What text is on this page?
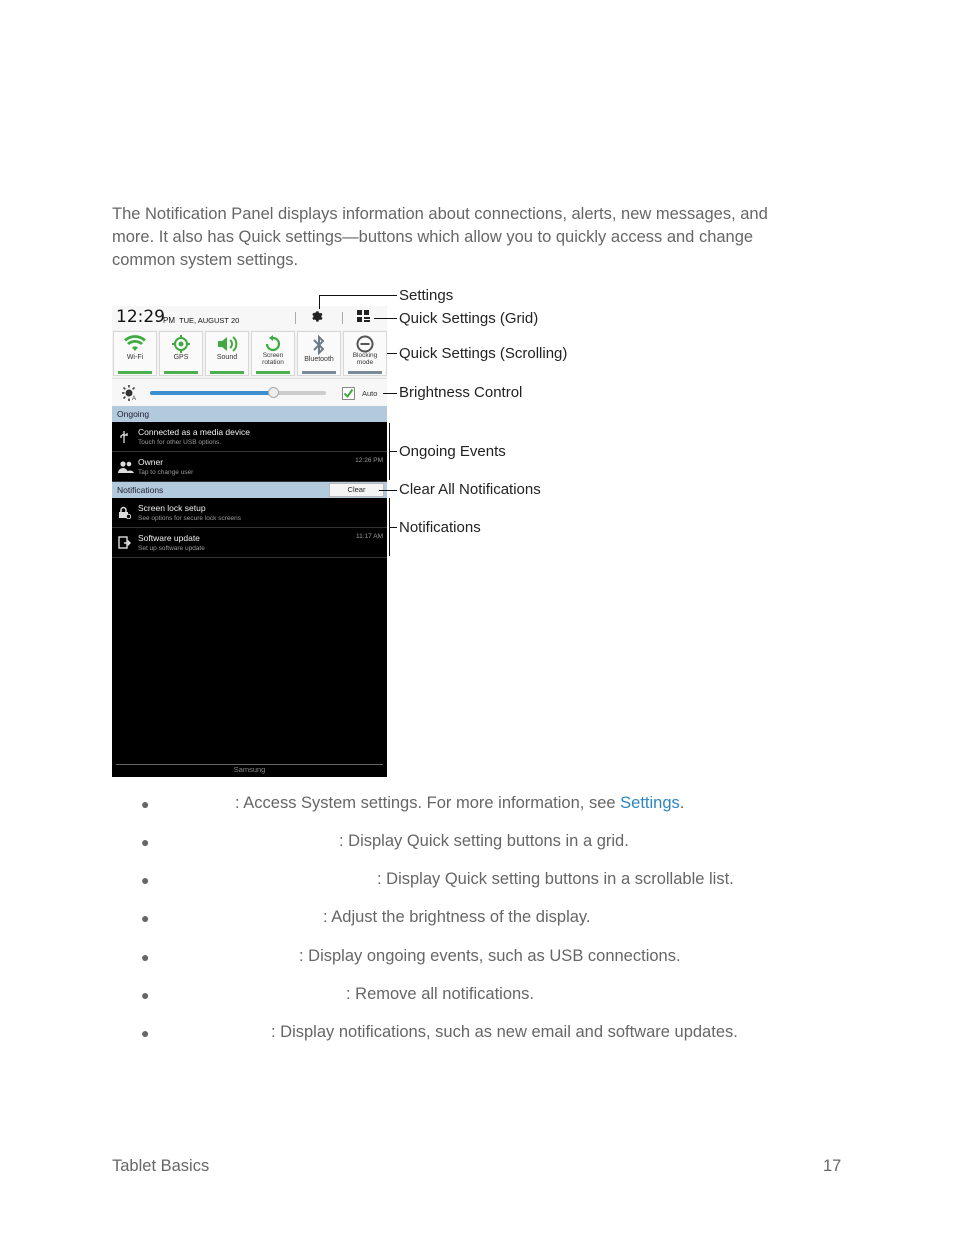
The Notification Panel displays information about connections, alerts, new messages, and more. It also has Quick settings—buttons which allow you to quickly access and change common system settings.

12:29
PM TUE, AUGUST 20
Wi-Fi	GPS	Sound	Screen rotation	Bluetooth
Blocking mode
A
Auto
Ongoing
Connected as a media device
Touch for other USB options.
Owner
Tap to change user
12:26 PM
Notifications	Clear
Screen lock setup
See options for secure lock screens
Software update
Set up software update
11:17 AM
Samsung
Settings
Quick Settings (Grid)
Quick Settings (Scrolling)
Brightness Control
Ongoing Events
Clear All Notifications
Notifications
●	: Access System settings. For more information, see Settings.
●	: Display Quick setting buttons in a grid.
●	: Display Quick setting buttons in a scrollable list.
●	: Adjust the brightness of the display.
●	: Display ongoing events, such as USB connections.
●	: Remove all notifications.
●	: Display notifications, such as new email and software updates.
Tablet Basics	17
